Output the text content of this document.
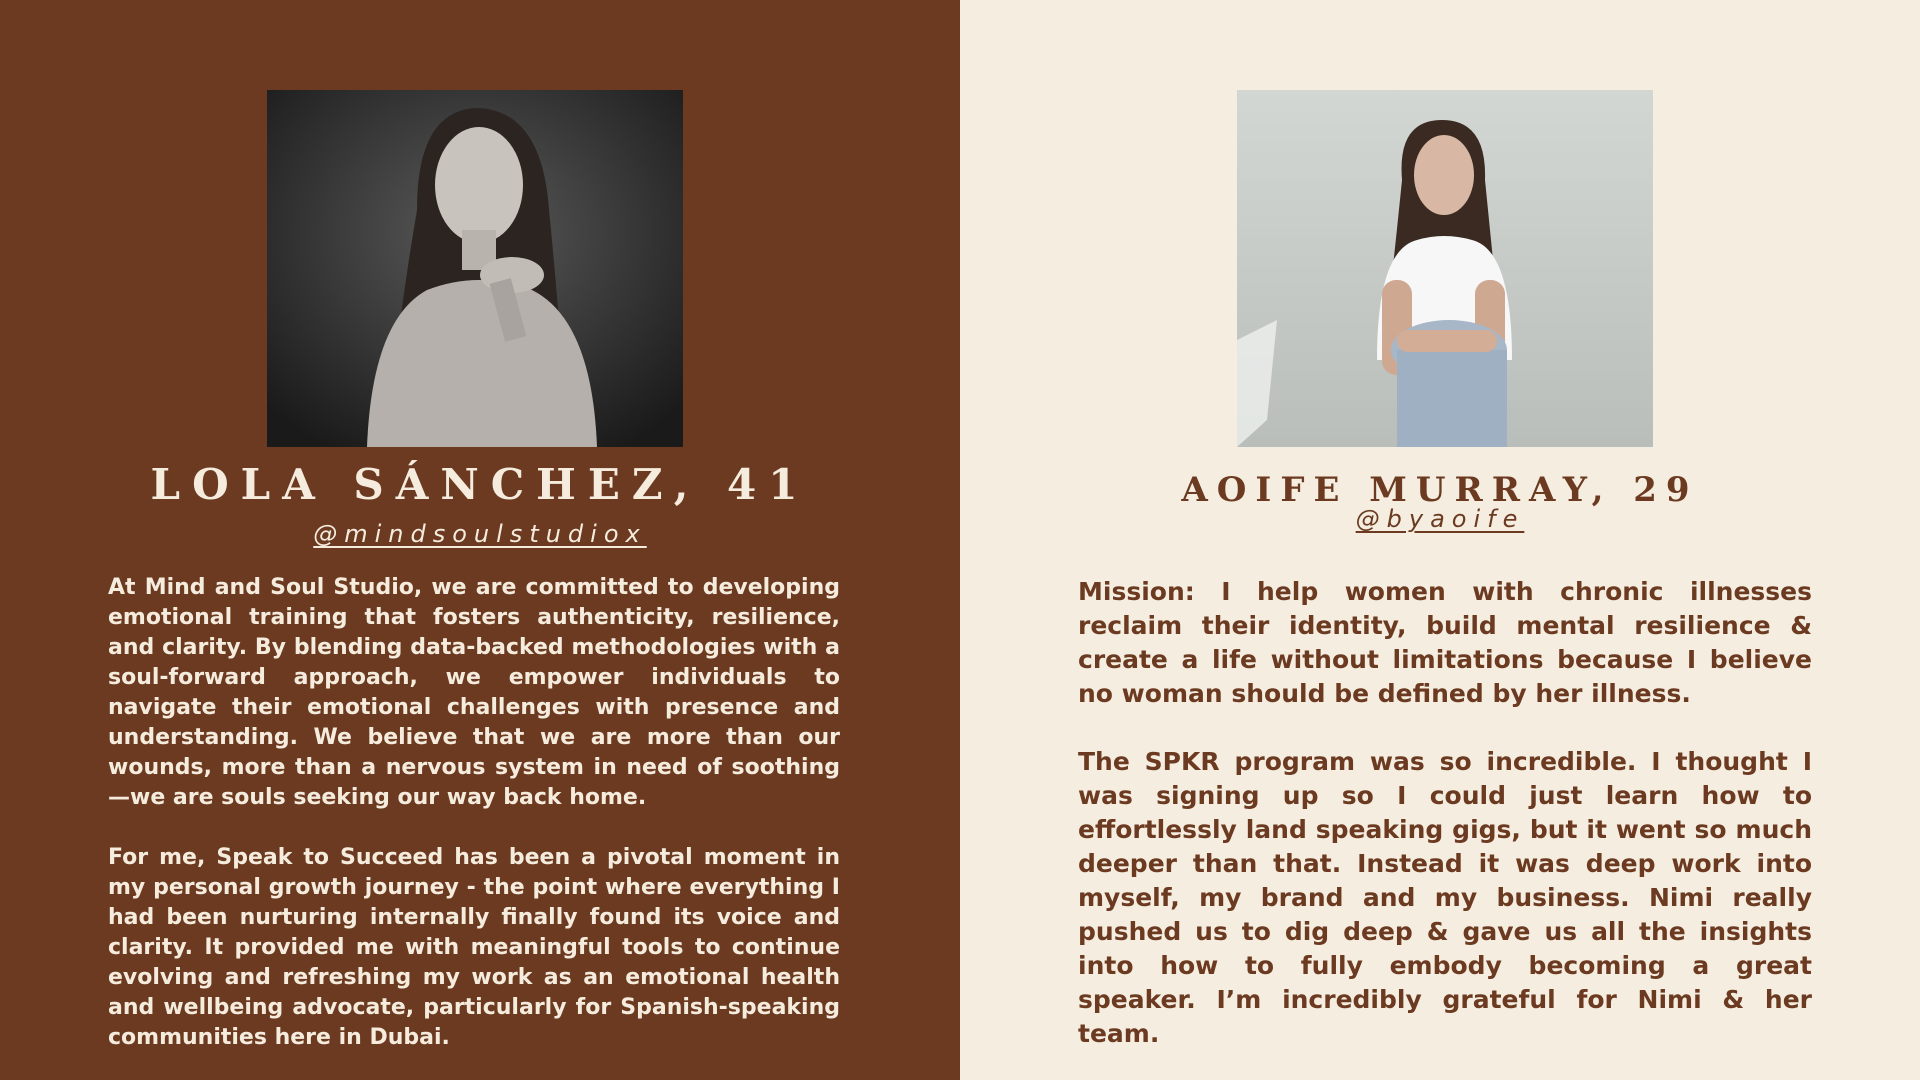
LOLA SÁNCHEZ, 41
@mindsoulstudiox

At Mind and Soul Studio, we are committed to developing emotional training that fosters authenticity, resilience, and clarity. By blending data-backed methodologies with a soul-forward approach, we empower individuals to navigate their emotional challenges with presence and understanding. We believe that we are more than our wounds, more than a nervous system in need of soothing—we are souls seeking our way back home.

For me, Speak to Succeed has been a pivotal moment in my personal growth journey - the point where everything I had been nurturing internally finally found its voice and clarity. It provided me with meaningful tools to continue evolving and refreshing my work as an emotional health and wellbeing advocate, particularly for Spanish-speaking communities here in Dubai.

AOIFE MURRAY, 29
@byaoife

Mission: I help women with chronic illnesses reclaim their identity, build mental resilience & create a life without limitations because I believe no woman should be defined by her illness.

The SPKR program was so incredible. I thought I was signing up so I could just learn how to effortlessly land speaking gigs, but it went so much deeper than that. Instead it was deep work into myself, my brand and my business. Nimi really pushed us to dig deep & gave us all the insights into how to fully embody becoming a great speaker. I’m incredibly grateful for Nimi & her team.
